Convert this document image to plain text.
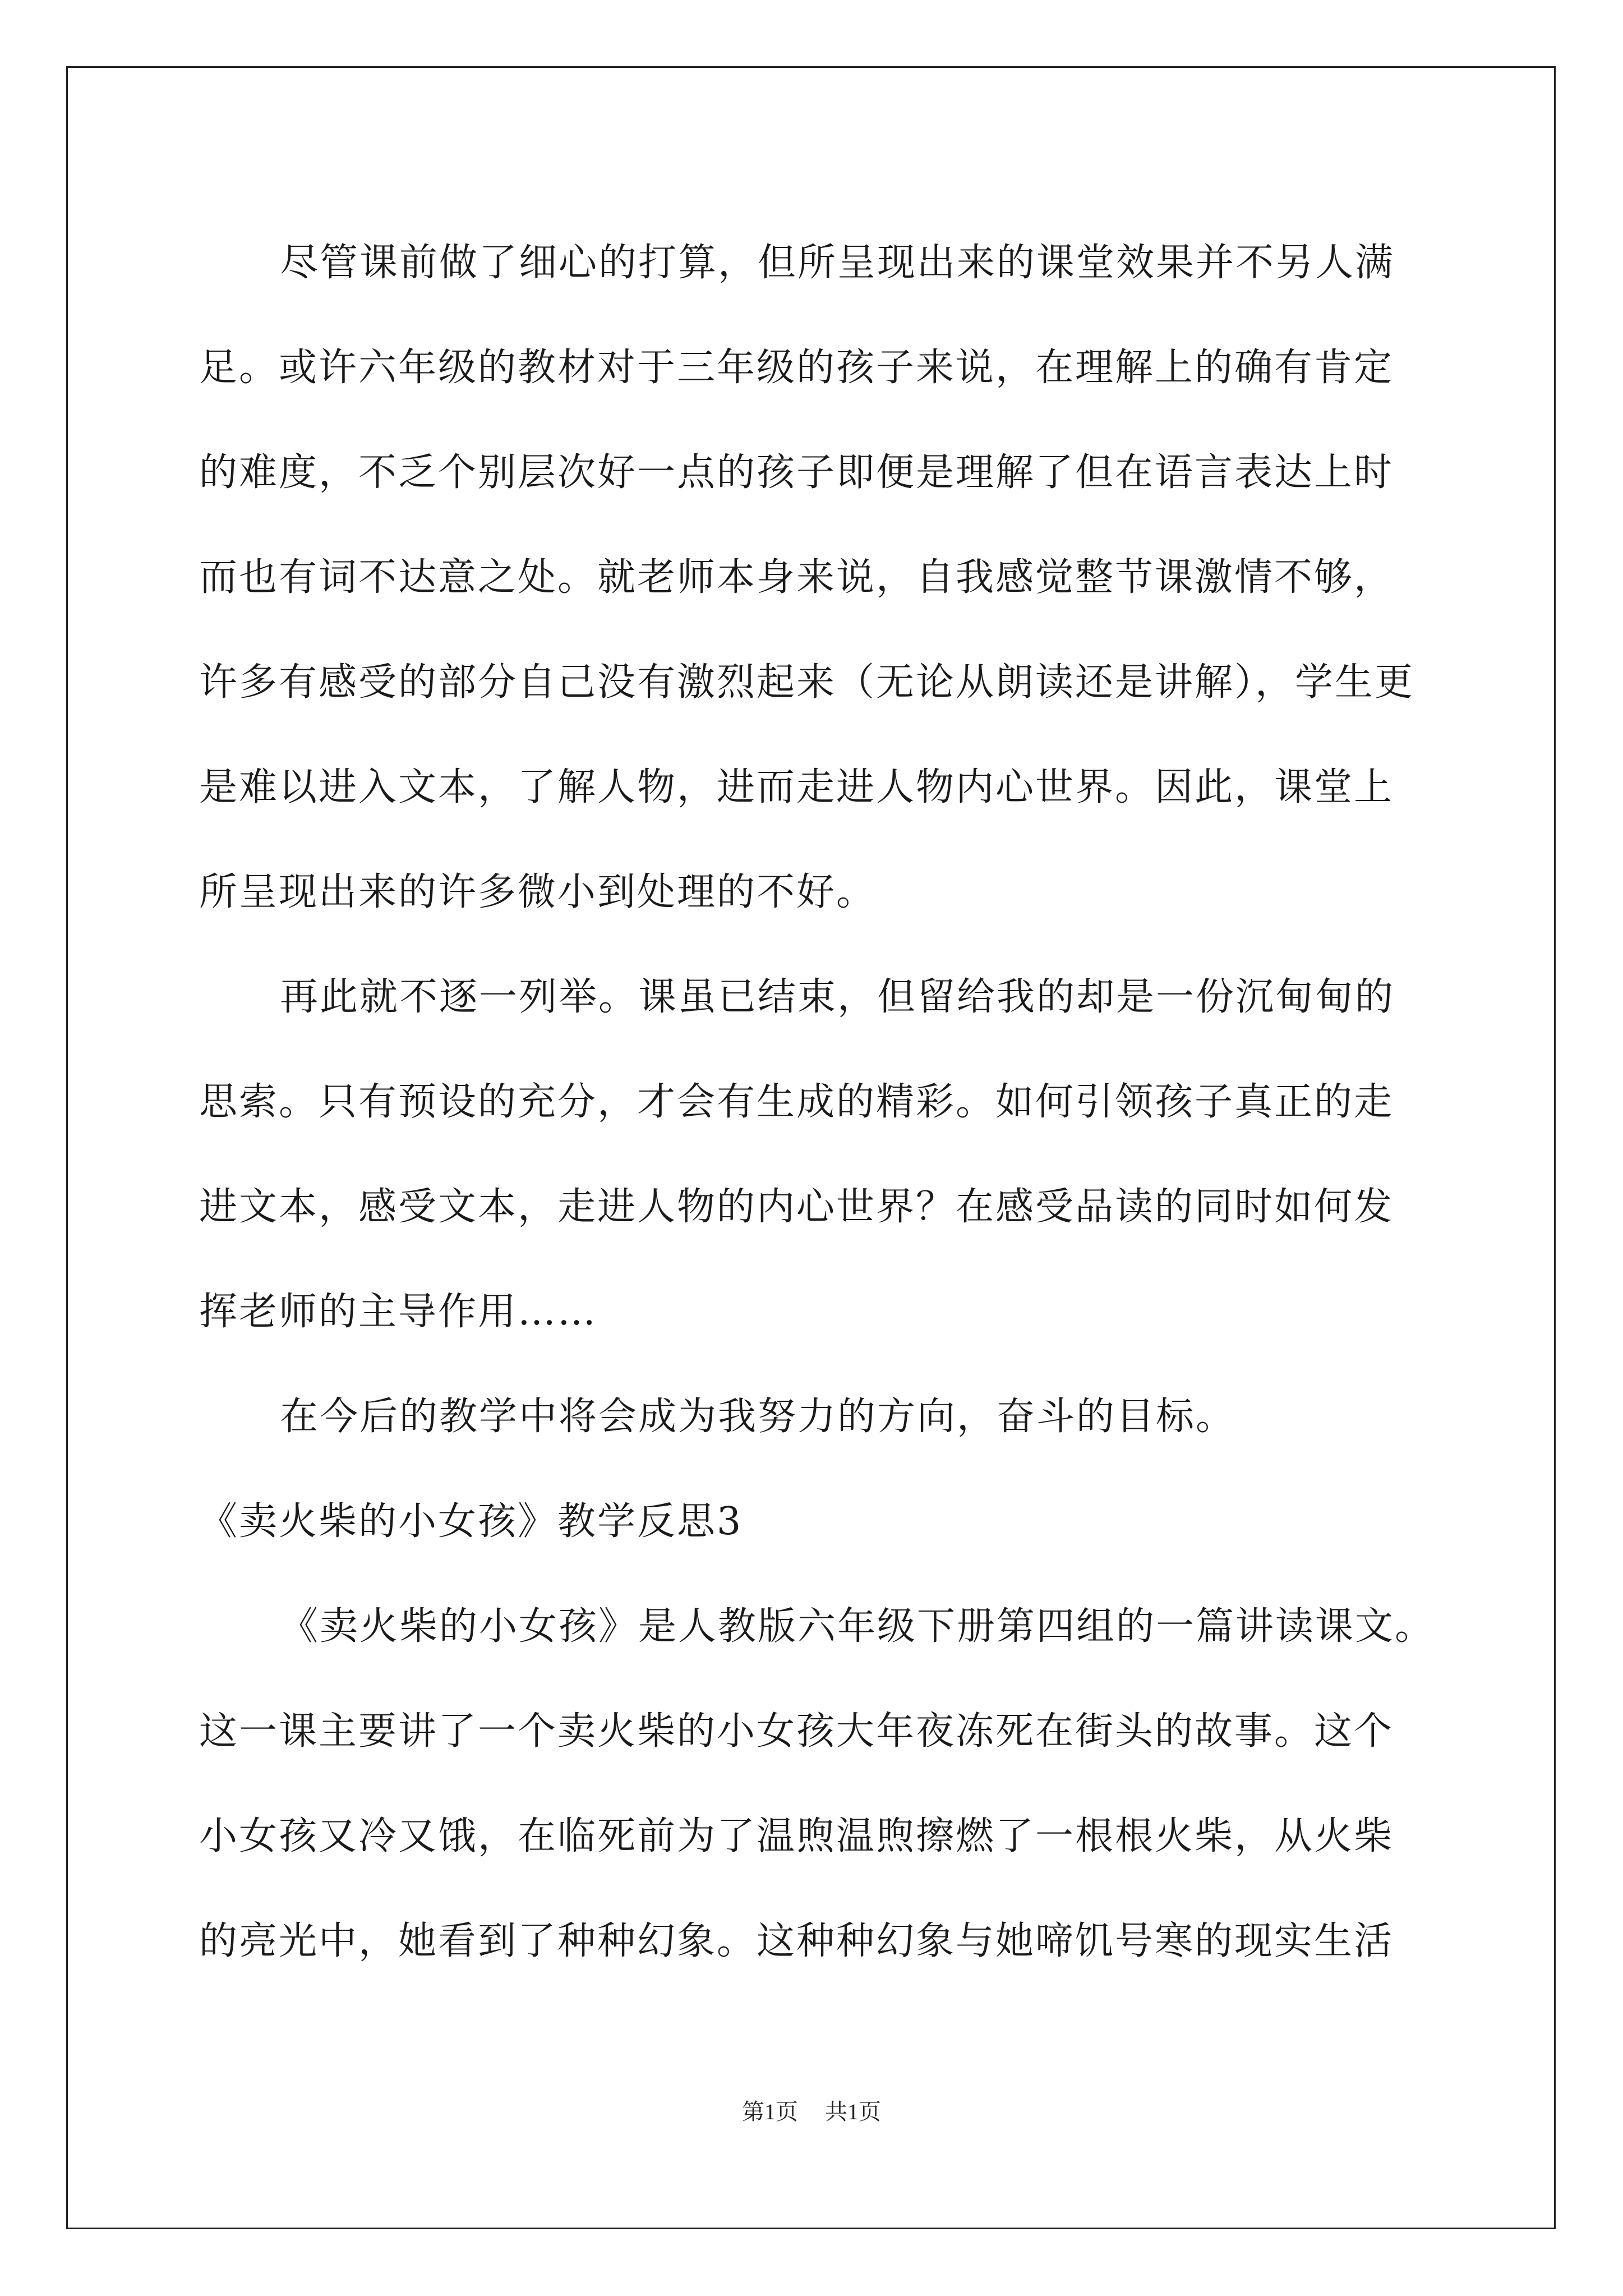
尽管课前做了细心的打算，但所呈现出来的课堂效果并不另人满
足。或许六年级的教材对于三年级的孩子来说，在理解上的确有肯定
的难度，不乏个别层次好一点的孩子即便是理解了但在语言表达上时
而也有词不达意之处。就老师本身来说，自我感觉整节课激情不够，
许多有感受的部分自己没有激烈起来（无论从朗读还是讲解），学生更
是难以进入文本，了解人物，进而走进人物内心世界。因此，课堂上
所呈现出来的许多微小到处理的不好。
再此就不逐一列举。课虽已结束，但留给我的却是一份沉甸甸的
思索。只有预设的充分，才会有生成的精彩。如何引领孩子真正的走
进文本，感受文本，走进人物的内心世界？在感受品读的同时如何发
挥老师的主导作用……
在今后的教学中将会成为我努力的方向，奋斗的目标。
《卖火柴的小女孩》教学反思3
《卖火柴的小女孩》是人教版六年级下册第四组的一篇讲读课文。
这一课主要讲了一个卖火柴的小女孩大年夜冻死在街头的故事。这个
小女孩又冷又饿，在临死前为了温煦温煦擦燃了一根根火柴，从火柴
的亮光中，她看到了种种幻象。这种种幻象与她啼饥号寒的现实生活
第1页 共1页
